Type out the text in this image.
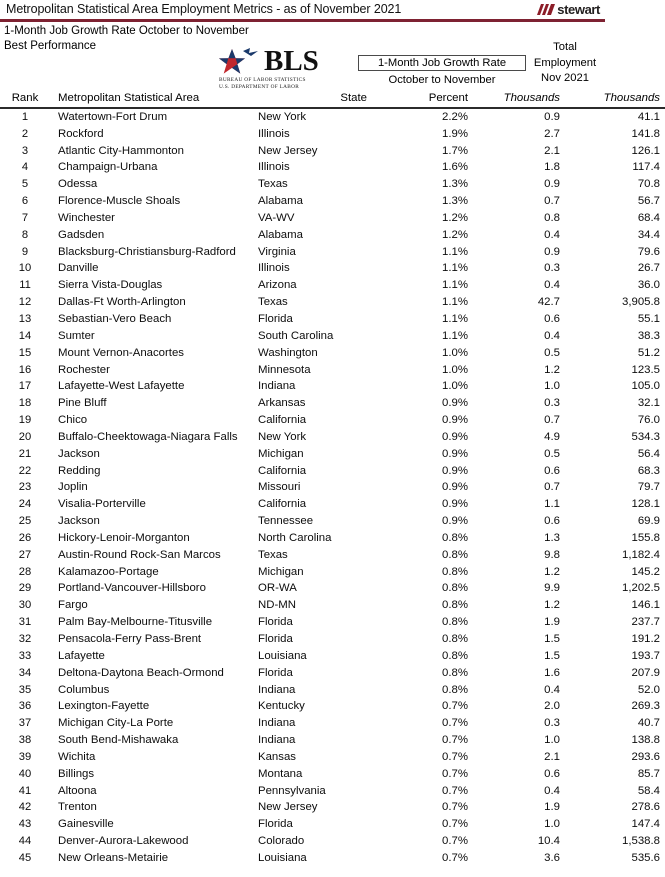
Metropolitan Statistical Area Employment Metrics - as of November 2021	stewart
1-Month Job Growth Rate October to November
Best Performance	BLS
BUREAU OF LABOR STATISTICS
U.S. DEPARTMENT OF LABOR
1-Month Job Growth Rate
October to November
Total
Employment
Nov 2021
Rank	Metropolitan Statistical Area	State	Percent	Thousands	Thousands
1	Watertown-Fort Drum	New York	2.2%	0.9	41.1
2	Rockford	Illinois	1.9%	2.7	141.8
3	Atlantic City-Hammonton	New Jersey	1.7%	2.1	126.1
4	Champaign-Urbana	Illinois	1.6%	1.8	117.4
5	Odessa	Texas	1.3%	0.9	70.8
6	Florence-Muscle Shoals	Alabama	1.3%	0.7	56.7
7	Winchester	VA-WV	1.2%	0.8	68.4
8	Gadsden	Alabama	1.2%	0.4	34.4
9	Blacksburg-Christiansburg-Radford	Virginia	1.1%	0.9	79.6
10	Danville	Illinois	1.1%	0.3	26.7
11	Sierra Vista-Douglas	Arizona	1.1%	0.4	36.0
12	Dallas-Ft Worth-Arlington	Texas	1.1%	42.7	3,905.8
13	Sebastian-Vero Beach	Florida	1.1%	0.6	55.1
14	Sumter	South Carolina	1.1%	0.4	38.3
15	Mount Vernon-Anacortes	Washington	1.0%	0.5	51.2
16	Rochester	Minnesota	1.0%	1.2	123.5
17	Lafayette-West Lafayette	Indiana	1.0%	1.0	105.0
18	Pine Bluff	Arkansas	0.9%	0.3	32.1
19	Chico	California	0.9%	0.7	76.0
20	Buffalo-Cheektowaga-Niagara Falls	New York	0.9%	4.9	534.3
21	Jackson	Michigan	0.9%	0.5	56.4
22	Redding	California	0.9%	0.6	68.3
23	Joplin	Missouri	0.9%	0.7	79.7
24	Visalia-Porterville	California	0.9%	1.1	128.1
25	Jackson	Tennessee	0.9%	0.6	69.9
26	Hickory-Lenoir-Morganton	North Carolina	0.8%	1.3	155.8
27	Austin-Round Rock-San Marcos	Texas	0.8%	9.8	1,182.4
28	Kalamazoo-Portage	Michigan	0.8%	1.2	145.2
29	Portland-Vancouver-Hillsboro	OR-WA	0.8%	9.9	1,202.5
30	Fargo	ND-MN	0.8%	1.2	146.1
31	Palm Bay-Melbourne-Titusville	Florida	0.8%	1.9	237.7
32	Pensacola-Ferry Pass-Brent	Florida	0.8%	1.5	191.2
33	Lafayette	Louisiana	0.8%	1.5	193.7
34	Deltona-Daytona Beach-Ormond	Florida	0.8%	1.6	207.9
35	Columbus	Indiana	0.8%	0.4	52.0
36	Lexington-Fayette	Kentucky	0.7%	2.0	269.3
37	Michigan City-La Porte	Indiana	0.7%	0.3	40.7
38	South Bend-Mishawaka	Indiana	0.7%	1.0	138.8
39	Wichita	Kansas	0.7%	2.1	293.6
40	Billings	Montana	0.7%	0.6	85.7
41	Altoona	Pennsylvania	0.7%	0.4	58.4
42	Trenton	New Jersey	0.7%	1.9	278.6
43	Gainesville	Florida	0.7%	1.0	147.4
44	Denver-Aurora-Lakewood	Colorado	0.7%	10.4	1,538.8
45	New Orleans-Metairie	Louisiana	0.7%	3.6	535.6
